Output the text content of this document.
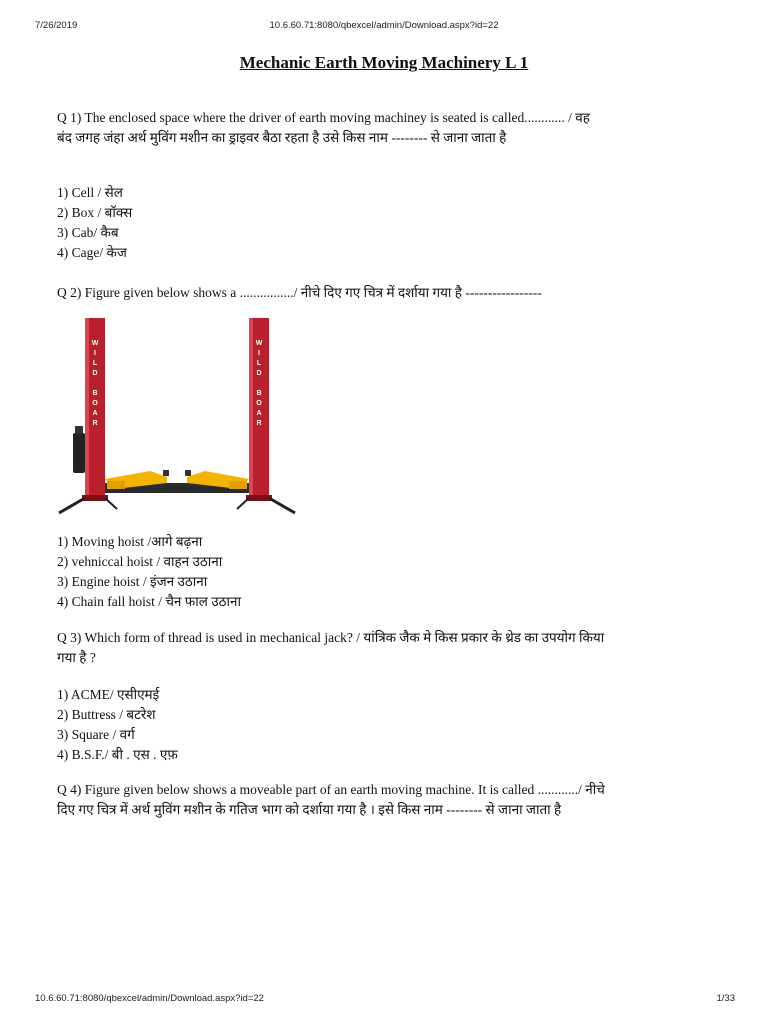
7/26/2019	10.6.60.71:8080/qbexcel/admin/Download.aspx?id=22
Mechanic Earth Moving Machinery L 1

Q 1) The enclosed space where the driver of earth moving machiney is seated is called............ / वह बंद जगह जंहा अर्थ मुविंग मशीन का ड्राइवर बैठा रहता है उसे किस नाम -------- से जाना जाता है

1) Cell / सेल
2) Box / बॉक्स
3) Cab/ कैब
4) Cage/ केज

Q 2) Figure given below shows a ................/ नीचे दिए गए चित्र में दर्शाया गया है -----------------

W
I
L
D
B
O
A
R
W
I
L
D
B
O
A
R
1) Moving hoist /आगे बढ़ना
2) vehniccal hoist / वाहन उठाना
3) Engine hoist / इंजन उठाना
4) Chain fall hoist / चैन फाल उठाना

Q 3) Which form of thread is used in mechanical jack? / यांत्रिक जैक मे किस प्रकार के थ्रेड का उपयोग किया गया है ?

1) ACME/ एसीएमई
2) Buttress / बटरेश
3) Square / वर्ग
4) B.S.F./ बी . एस . एफ़

Q 4) Figure given below shows a moveable part of an earth moving machine. It is called ............/ नीचे दिए गए चित्र में अर्थ मुविंग मशीन के गतिज भाग को दर्शाया गया है । इसे किस नाम -------- से जाना जाता है

10.6.60.71:8080/qbexcel/admin/Download.aspx?id=22	1/33
